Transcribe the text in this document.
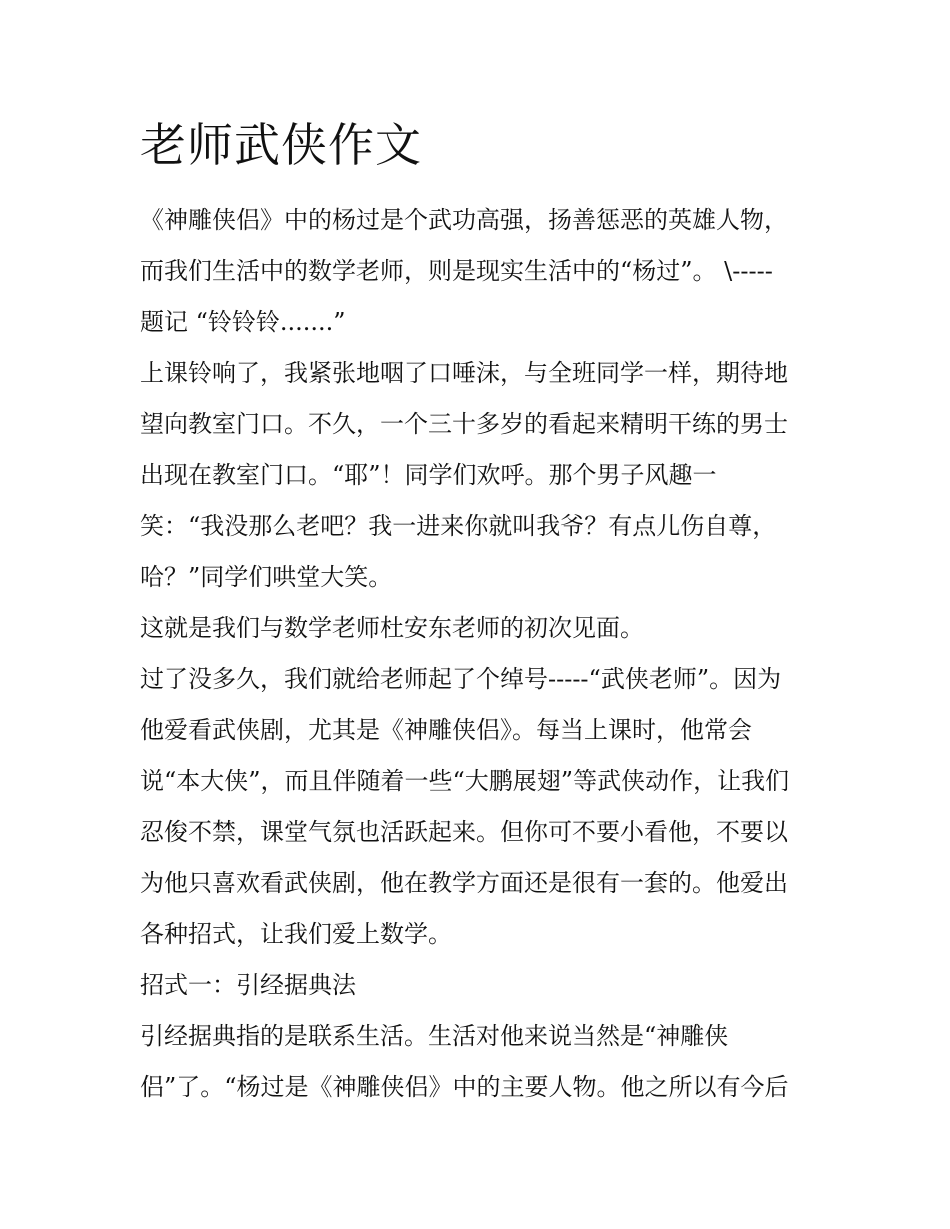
老师武侠作文
《神雕侠侣》中的杨过是个武功高强，扬善惩恶的英雄人物，
而我们生活中的数学老师，则是现实生活中的“杨过”。 \-----
题记 “铃铃铃.......”
上课铃响了，我紧张地咽了口唾沫，与全班同学一样，期待地
望向教室门口。不久，一个三十多岁的看起来精明干练的男士
出现在教室门口。“耶”！同学们欢呼。那个男子风趣一
笑：“我没那么老吧？我一进来你就叫我爷？有点儿伤自尊，
哈？”同学们哄堂大笑。
这就是我们与数学老师杜安东老师的初次见面。
过了没多久，我们就给老师起了个绰号-----“武侠老师”。因为
他爱看武侠剧，尤其是《神雕侠侣》。每当上课时，他常会
说“本大侠”，而且伴随着一些“大鹏展翅”等武侠动作，让我们
忍俊不禁，课堂气氛也活跃起来。但你可不要小看他，不要以
为他只喜欢看武侠剧，他在教学方面还是很有一套的。他爱出
各种招式，让我们爱上数学。
招式一：引经据典法
引经据典指的是联系生活。生活对他来说当然是“神雕侠
侣”了。“杨过是《神雕侠侣》中的主要人物。他之所以有今后
